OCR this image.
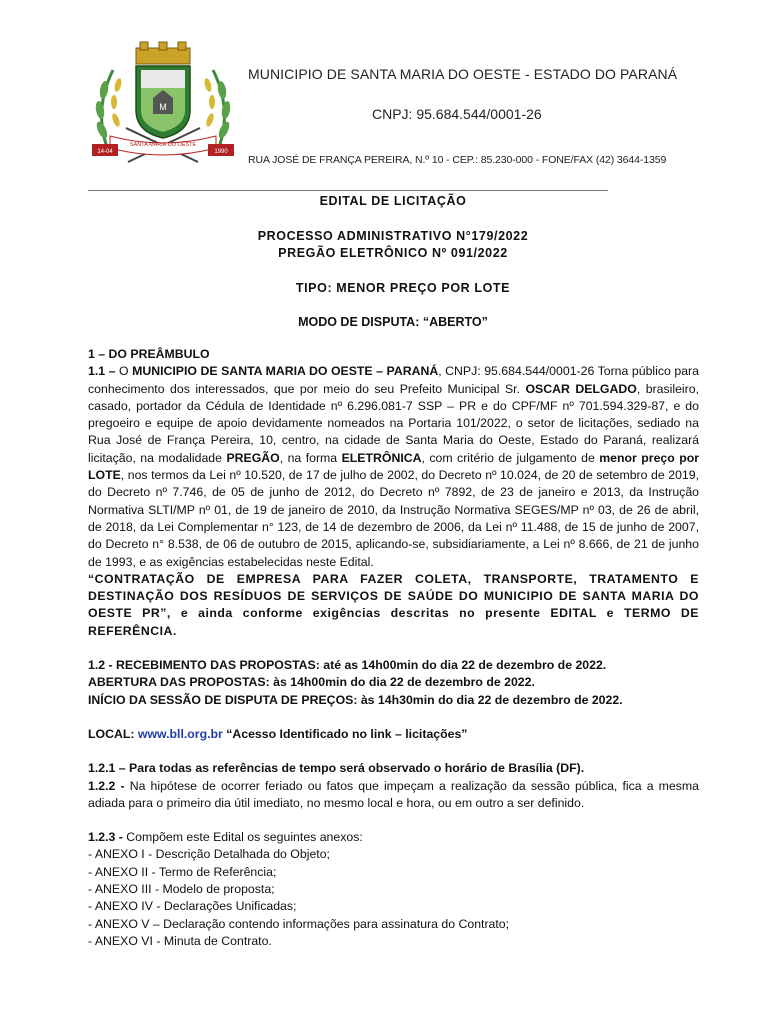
M
SANTA MARIA DO OESTE
14-04	1990
MUNICIPIO DE SANTA MARIA DO OESTE - ESTADO DO PARANÁ
CNPJ: 95.684.544/0001-26
RUA JOSÉ DE FRANÇA PEREIRA, N.º 10 - CEP.: 85.230-000 - FONE/FAX (42) 3644-1359
EDITAL DE LICITAÇÃO
PROCESSO ADMINISTRATIVO N°179/2022
PREGÃO ELETRÔNICO Nº 091/2022
TIPO: MENOR PREÇO POR LOTE
MODO DE DISPUTA: “ABERTO”

1 – DO PREÂMBULO

1.1 – O MUNICIPIO DE SANTA MARIA DO OESTE – PARANÁ, CNPJ: 95.684.544/0001-26 Torna público para conhecimento dos interessados, que por meio do seu Prefeito Municipal Sr. OSCAR DELGADO, brasileiro, casado, portador da Cédula de Identidade nº 6.296.081-7 SSP – PR e do CPF/MF nº 701.594.329-87, e do pregoeiro e equipe de apoio devidamente nomeados na Portaria 101/2022, o setor de licitações, sediado na Rua José de França Pereira, 10, centro, na cidade de Santa Maria do Oeste, Estado do Paraná, realizará licitação, na modalidade PREGÃO, na forma ELETRÔNICA, com critério de julgamento de menor preço por LOTE, nos termos da Lei nº 10.520, de 17 de julho de 2002, do Decreto nº 10.024, de 20 de setembro de 2019, do Decreto nº 7.746, de 05 de junho de 2012, do Decreto nº 7892, de 23 de janeiro e 2013, da Instrução Normativa SLTI/MP nº 01, de 19 de janeiro de 2010, da Instrução Normativa SEGES/MP nº 03, de 26 de abril, de 2018, da Lei Complementar n° 123, de 14 de dezembro de 2006, da Lei nº 11.488, de 15 de junho de 2007, do Decreto n° 8.538, de 06 de outubro de 2015, aplicando-se, subsidiariamente, a Lei nº 8.666, de 21 de junho de 1993, e as exigências estabelecidas neste Edital.

“CONTRATAÇÃO DE EMPRESA PARA FAZER COLETA, TRANSPORTE, TRATAMENTO E DESTINAÇÃO DOS RESÍDUOS DE SERVIÇOS DE SAÚDE DO MUNICIPIO DE SANTA MARIA DO OESTE PR”, e ainda conforme exigências descritas no presente EDITAL e TERMO DE REFERÊNCIA.

1.2 - RECEBIMENTO DAS PROPOSTAS: até as 14h00min do dia 22 de dezembro de 2022.

ABERTURA DAS PROPOSTAS: às 14h00min do dia 22 de dezembro de 2022.

INÍCIO DA SESSÃO DE DISPUTA DE PREÇOS: às 14h30min do dia 22 de dezembro de 2022.

LOCAL: www.bll.org.br “Acesso Identificado no link – licitações”

1.2.1 – Para todas as referências de tempo será observado o horário de Brasília (DF).

1.2.2 - Na hipótese de ocorrer feriado ou fatos que impeçam a realização da sessão pública, fica a mesma adiada para o primeiro dia útil imediato, no mesmo local e hora, ou em outro a ser definido.

1.2.3 - Compõem este Edital os seguintes anexos:

- ANEXO I - Descrição Detalhada do Objeto;

- ANEXO II - Termo de Referência;

- ANEXO III - Modelo de proposta;

- ANEXO IV - Declarações Unificadas;

- ANEXO V – Declaração contendo informações para assinatura do Contrato;

- ANEXO VI - Minuta de Contrato.
